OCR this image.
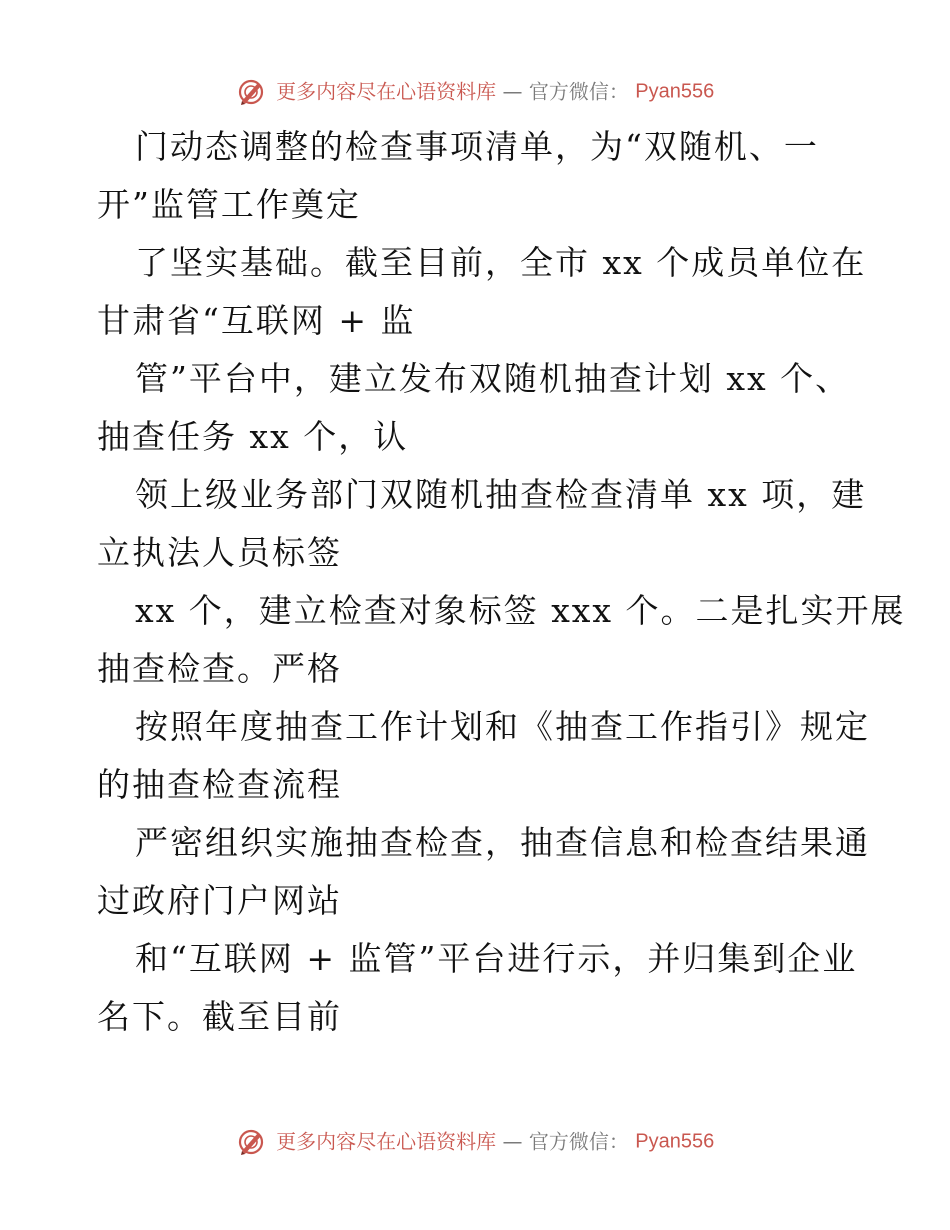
更多内容尽在心语资料库 — 官方微信： Pyan556
门动态调整的检查事项清单，为“双随机、一
开”监管工作奠定
了坚实基础。截至目前，全市 xx 个成员单位在
甘肃省“互联网 + 监
管”平台中，建立发布双随机抽查计划 xx 个、
抽查任务 xx 个，认
领上级业务部门双随机抽查检查清单 xx 项，建
立执法人员标签
xx 个，建立检查对象标签 xxx 个。二是扎实开展
抽查检查。严格
按照年度抽查工作计划和《抽查工作指引》规定
的抽查检查流程
严密组织实施抽查检查，抽查信息和检查结果通
过政府门户网站
和“互联网 + 监管”平台进行示，并归集到企业
名下。截至目前
更多内容尽在心语资料库 — 官方微信： Pyan556
